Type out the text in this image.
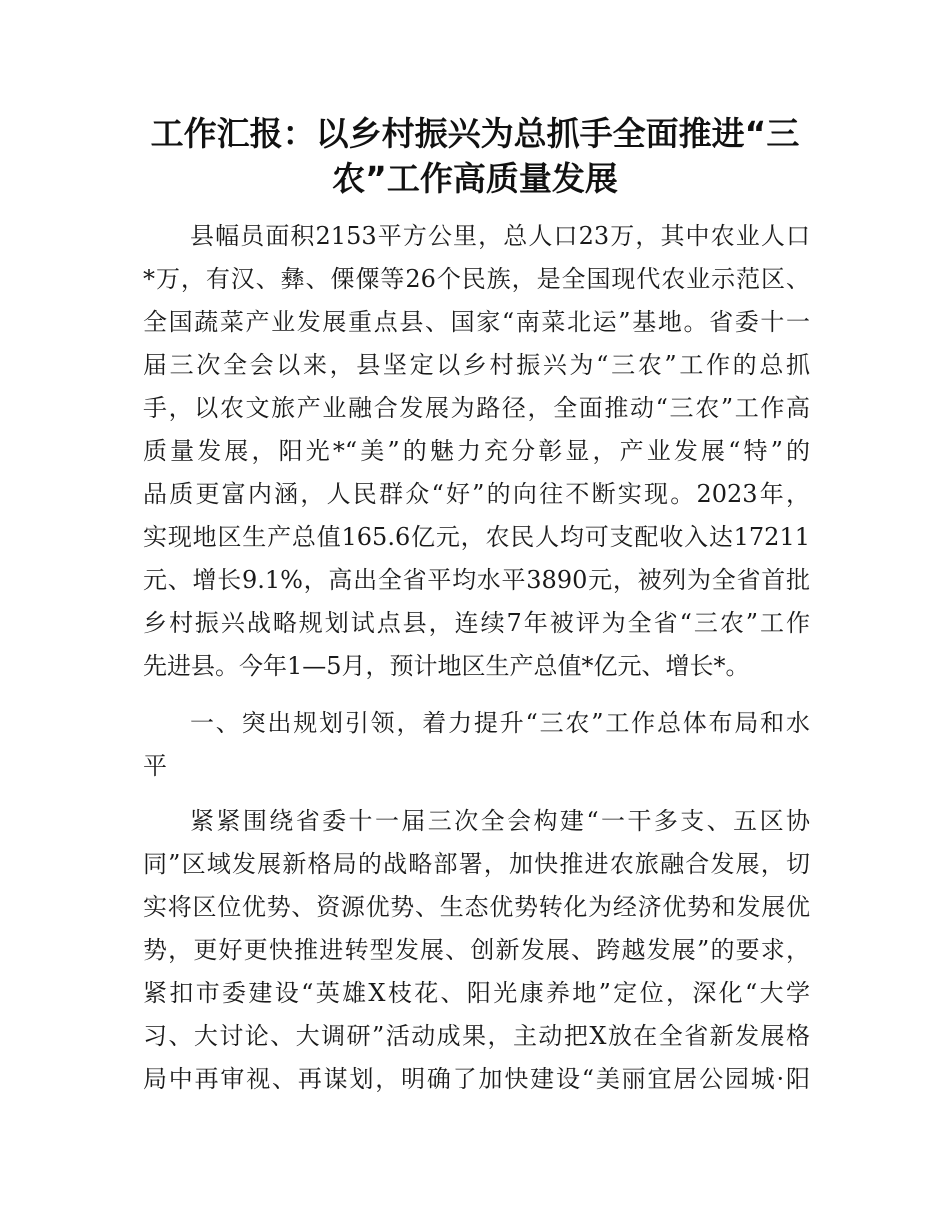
工作汇报：以乡村振兴为总抓手全面推进“三
农”工作高质量发展
县幅员面积2153平方公里，总人口23万，其中农业人口
*万，有汉、彝、傈僳等26个民族，是全国现代农业示范区、
全国蔬菜产业发展重点县、国家“南菜北运”基地。省委十一
届三次全会以来，县坚定以乡村振兴为“三农”工作的总抓
手，以农文旅产业融合发展为路径，全面推动“三农”工作高
质量发展，阳光*“美”的魅力充分彰显，产业发展“特”的
品质更富内涵，人民群众“好”的向往不断实现。2023年，
实现地区生产总值165.6亿元，农民人均可支配收入达17211
元、增长9.1%，高出全省平均水平3890元，被列为全省首批
乡村振兴战略规划试点县，连续7年被评为全省“三农”工作
先进县。今年1—5月，预计地区生产总值*亿元、增长*。
一、突出规划引领，着力提升“三农”工作总体布局和水
平
紧紧围绕省委十一届三次全会构建“一干多支、五区协
同”区域发展新格局的战略部署，加快推进农旅融合发展，切
实将区位优势、资源优势、生态优势转化为经济优势和发展优
势，更好更快推进转型发展、创新发展、跨越发展”的要求，
紧扣市委建设“英雄X枝花、阳光康养地”定位，深化“大学
习、大讨论、大调研”活动成果，主动把X放在全省新发展格
局中再审视、再谋划，明确了加快建设“美丽宜居公园城·阳
